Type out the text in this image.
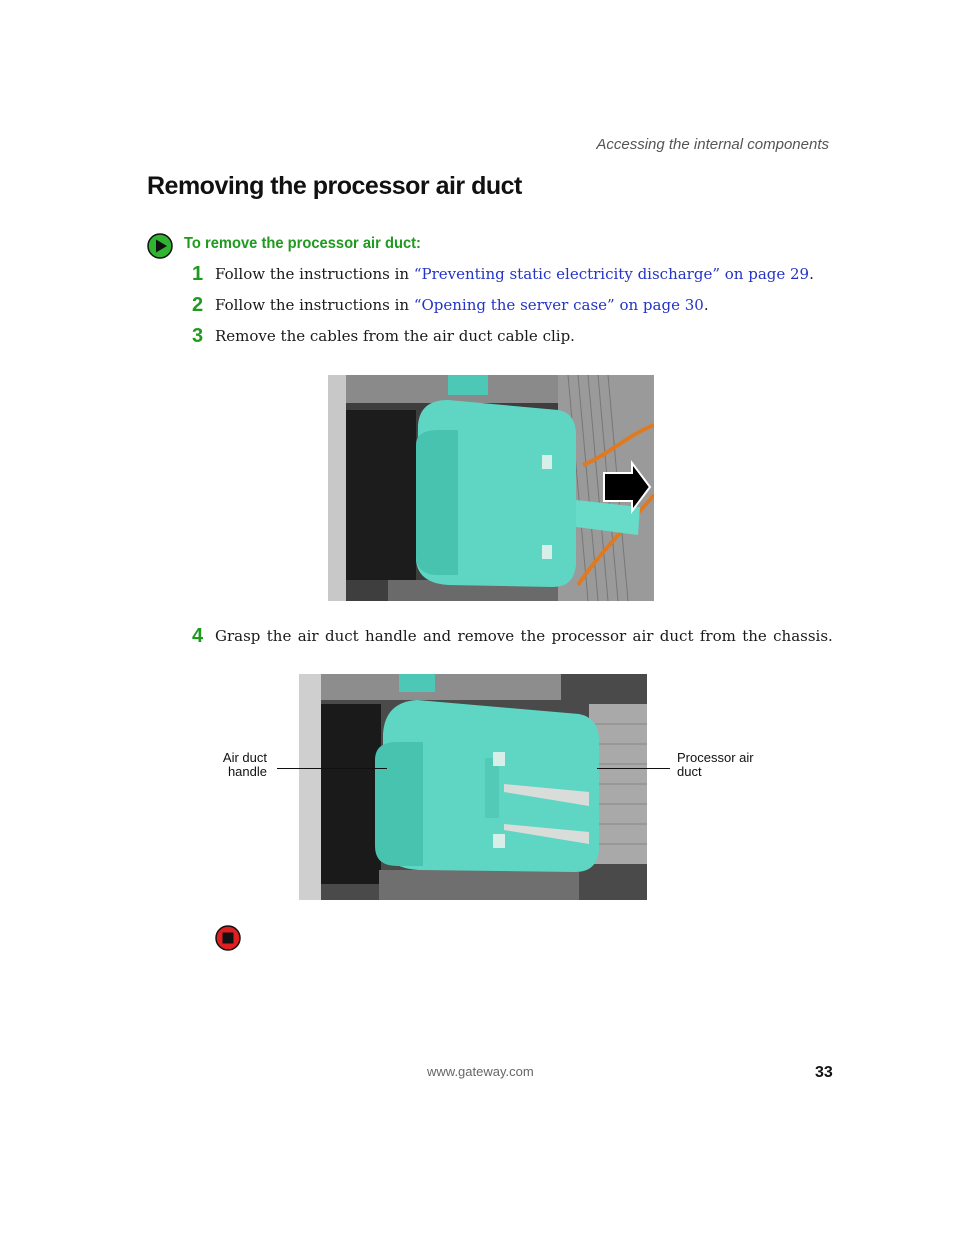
Accessing the internal components
Removing the processor air duct
To remove the processor air duct:
1 Follow the instructions in “Preventing static electricity discharge” on page 29.
2 Follow the instructions in “Opening the server case” on page 30.
3 Remove the cables from the air duct cable clip.
4 Grasp the air duct handle and remove the processor air duct from the chassis.
Air duct
handle
Processor air
duct
www.gateway.com	33
